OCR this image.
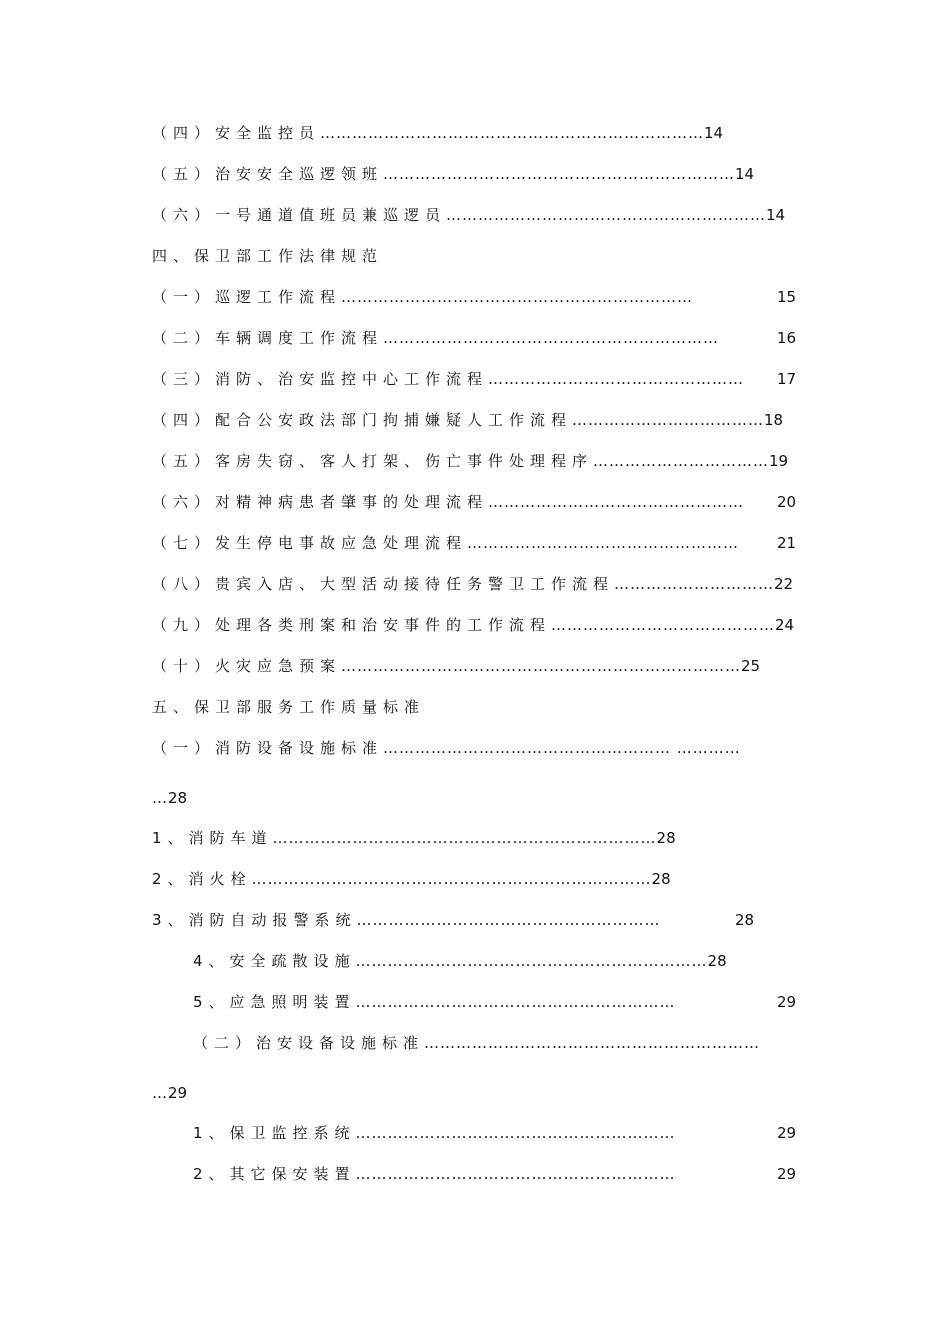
（四）安全监控员………………………………………………………………14
（五）治安安全巡逻领班…………………………………………………………14
（六）一号通道值班员兼巡逻员……………………………………………………14
四、保卫部工作法律规范
（一）巡逻工作流程…………………………………………………………	15
（二）车辆调度工作流程………………………………………………………	16
（三）消防、治安监控中心工作流程………………………………………… 17
（四）配合公安政法部门拘捕嫌疑人工作流程………………………………18
（五）客房失窃、客人打架、伤亡事件处理程序……………………………19
（六）对精神病患者肇事的处理流程………………………………………… 20
（七）发生停电事故应急处理流程……………………………………………	21
（八）贵宾入店、大型活动接待任务警卫工作流程…………………………22
（九）处理各类刑案和治安事件的工作流程……………………………………24
（十）火灾应急预案…………………………………………………………………25
五、保卫部服务工作质量标准
（一）消防设备设施标准……………………………………………… …………
…28
1、消防车道………………………………………………………………28
2、消火栓…………………………………………………………………28
3、消防自动报警系统…………………………………………………	28
4、安全疏散设施…………………………………………………………28
5、应急照明装置……………………………………………………	29
（二）治安设备设施标准………………………………………………………
…29
1、保卫监控系统……………………………………………………	29
2、其它保安装置……………………………………………………	29
